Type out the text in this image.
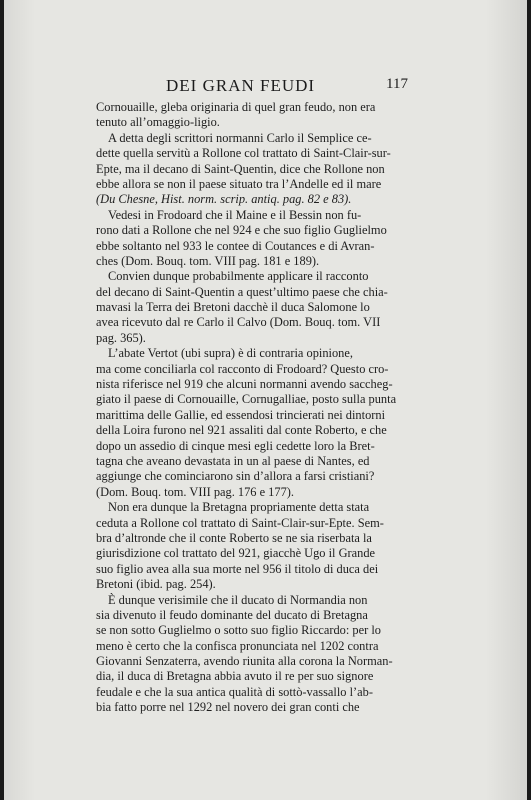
DEI GRAN FEUDI	117
Cornouaille, gleba originaria di quel gran feudo, non era
tenuto all’omaggio-ligio.
A detta degli scrittori normanni Carlo il Semplice ce-
dette quella servitù a Rollone col trattato di Saint-Clair-sur-
Epte, ma il decano di Saint-Quentin, dice che Rollone non
ebbe allora se non il paese situato tra l’Andelle ed il mare
(Du Chesne, Hist. norm. scrip. antiq. pag. 82 e 83).
Vedesi in Frodoard che il Maine e il Bessin non fu-
rono dati a Rollone che nel 924 e che suo figlio Guglielmo
ebbe soltanto nel 933 le contee di Coutances e di Avran-
ches (Dom. Bouq. tom. VIII pag. 181 e 189).
Convien dunque probabilmente applicare il racconto
del decano di Saint-Quentin a quest’ultimo paese che chia-
mavasi la Terra dei Bretoni dacchè il duca Salomone lo
avea ricevuto dal re Carlo il Calvo (Dom. Bouq. tom. VII
pag. 365).
L’abate Vertot (ubi supra) è di contraria opinione,
ma come conciliarla col racconto di Frodoard? Questo cro-
nista riferisce nel 919 che alcuni normanni avendo saccheg-
giato il paese di Cornouaille, Cornugalliae, posto sulla punta
marittima delle Gallie, ed essendosi trincierati nei dintorni
della Loira furono nel 921 assaliti dal conte Roberto, e che
dopo un assedio di cinque mesi egli cedette loro la Bret-
tagna che aveano devastata in un al paese di Nantes, ed
aggiunge che cominciarono sin d’allora a farsi cristiani?
(Dom. Bouq. tom. VIII pag. 176 e 177).
Non era dunque la Bretagna propriamente detta stata
ceduta a Rollone col trattato di Saint-Clair-sur-Epte. Sem-
bra d’altronde che il conte Roberto se ne sia riserbata la
giurisdizione col trattato del 921, giacchè Ugo il Grande
suo figlio avea alla sua morte nel 956 il titolo di duca dei
Bretoni (ibid. pag. 254).
È dunque verisimile che il ducato di Normandia non
sia divenuto il feudo dominante del ducato di Bretagna
se non sotto Guglielmo o sotto suo figlio Riccardo: per lo
meno è certo che la confisca pronunciata nel 1202 contra
Giovanni Senzaterra, avendo riunita alla corona la Norman-
dia, il duca di Bretagna abbia avuto il re per suo signore
feudale e che la sua antica qualità di sottò-vassallo l’ab-
bia fatto porre nel 1292 nel novero dei gran conti che
